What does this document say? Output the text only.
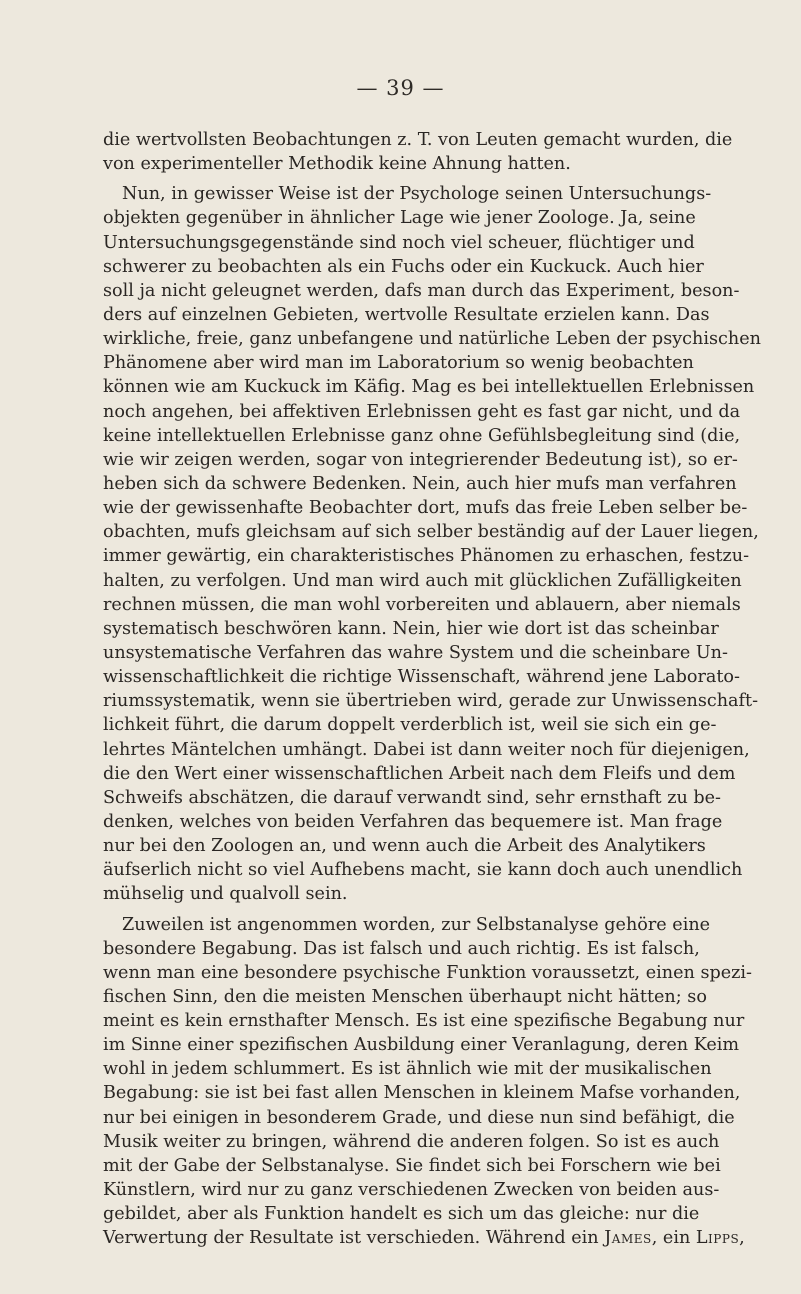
— 39 —
die wertvollsten Beobachtungen z. T. von Leuten gemacht wurden, die
von experimenteller Methodik keine Ahnung hatten.
Nun, in gewisser Weise ist der Psychologe seinen Untersuchungs-
objekten gegenüber in ähnlicher Lage wie jener Zoologe. Ja, seine
Untersuchungsgegenstände sind noch viel scheuer, flüchtiger und
schwerer zu beobachten als ein Fuchs oder ein Kuckuck. Auch hier
soll ja nicht geleugnet werden, dafs man durch das Experiment, beson-
ders auf einzelnen Gebieten, wertvolle Resultate erzielen kann. Das
wirkliche, freie, ganz unbefangene und natürliche Leben der psychischen
Phänomene aber wird man im Laboratorium so wenig beobachten
können wie am Kuckuck im Käfig. Mag es bei intellektuellen Erlebnissen
noch angehen, bei affektiven Erlebnissen geht es fast gar nicht, und da
keine intellektuellen Erlebnisse ganz ohne Gefühlsbegleitung sind (die,
wie wir zeigen werden, sogar von integrierender Bedeutung ist), so er-
heben sich da schwere Bedenken. Nein, auch hier mufs man verfahren
wie der gewissenhafte Beobachter dort, mufs das freie Leben selber be-
obachten, mufs gleichsam auf sich selber beständig auf der Lauer liegen,
immer gewärtig, ein charakteristisches Phänomen zu erhaschen, festzu-
halten, zu verfolgen. Und man wird auch mit glücklichen Zufälligkeiten
rechnen müssen, die man wohl vorbereiten und ablauern, aber niemals
systematisch beschwören kann. Nein, hier wie dort ist das scheinbar
unsystematische Verfahren das wahre System und die scheinbare Un-
wissenschaftlichkeit die richtige Wissenschaft, während jene Laborato-
riumssystematik, wenn sie übertrieben wird, gerade zur Unwissenschaft-
lichkeit führt, die darum doppelt verderblich ist, weil sie sich ein ge-
lehrtes Mäntelchen umhängt. Dabei ist dann weiter noch für diejenigen,
die den Wert einer wissenschaftlichen Arbeit nach dem Fleifs und dem
Schweifs abschätzen, die darauf verwandt sind, sehr ernsthaft zu be-
denken, welches von beiden Verfahren das bequemere ist. Man frage
nur bei den Zoologen an, und wenn auch die Arbeit des Analytikers
äufserlich nicht so viel Aufhebens macht, sie kann doch auch unendlich
mühselig und qualvoll sein.
Zuweilen ist angenommen worden, zur Selbstanalyse gehöre eine
besondere Begabung. Das ist falsch und auch richtig. Es ist falsch,
wenn man eine besondere psychische Funktion voraussetzt, einen spezi-
fischen Sinn, den die meisten Menschen überhaupt nicht hätten; so
meint es kein ernsthafter Mensch. Es ist eine spezifische Begabung nur
im Sinne einer spezifischen Ausbildung einer Veranlagung, deren Keim
wohl in jedem schlummert. Es ist ähnlich wie mit der musikalischen
Begabung: sie ist bei fast allen Menschen in kleinem Mafse vorhanden,
nur bei einigen in besonderem Grade, und diese nun sind befähigt, die
Musik weiter zu bringen, während die anderen folgen. So ist es auch
mit der Gabe der Selbstanalyse. Sie findet sich bei Forschern wie bei
Künstlern, wird nur zu ganz verschiedenen Zwecken von beiden aus-
gebildet, aber als Funktion handelt es sich um das gleiche: nur die
Verwertung der Resultate ist verschieden. Während ein James, ein Lipps,
